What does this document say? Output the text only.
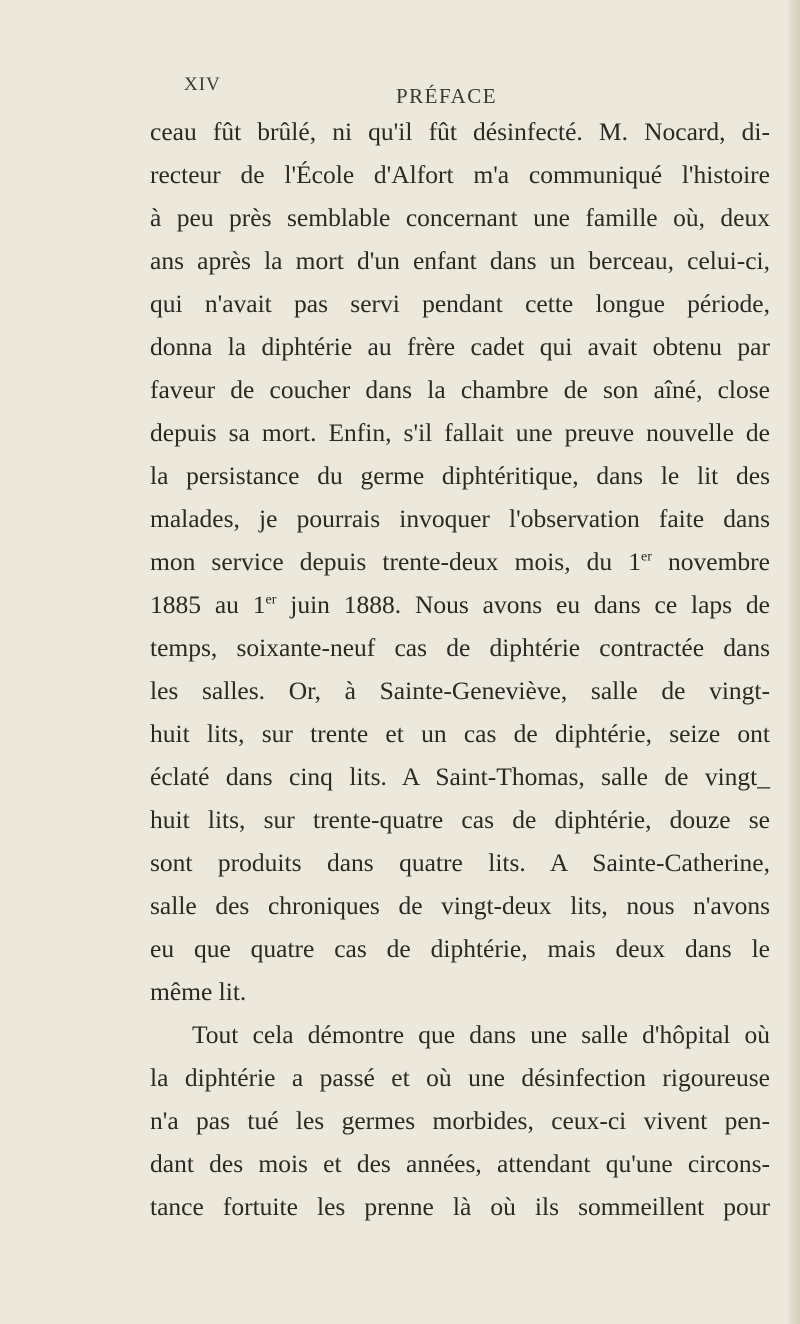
XIV	PRÉFACE
ceau fût brûlé, ni qu'il fût désinfecté. M. Nocard, di-
recteur de l'École d'Alfort m'a communiqué l'histoire
à peu près semblable concernant une famille où, deux
ans après la mort d'un enfant dans un berceau, celui-ci,
qui n'avait pas servi pendant cette longue période,
donna la diphtérie au frère cadet qui avait obtenu par
faveur de coucher dans la chambre de son aîné, close
depuis sa mort. Enfin, s'il fallait une preuve nouvelle de
la persistance du germe diphtéritique, dans le lit des
malades, je pourrais invoquer l'observation faite dans
mon service depuis trente-deux mois, du 1er novembre
1885 au 1er juin 1888. Nous avons eu dans ce laps de
temps, soixante-neuf cas de diphtérie contractée dans
les salles. Or, à Sainte-Geneviève, salle de vingt-
huit lits, sur trente et un cas de diphtérie, seize ont
éclaté dans cinq lits. A Saint-Thomas, salle de vingt_
huit lits, sur trente-quatre cas de diphtérie, douze se
sont produits dans quatre lits. A Sainte-Catherine,
salle des chroniques de vingt-deux lits, nous n'avons
eu que quatre cas de diphtérie, mais deux dans le
même lit.
Tout cela démontre que dans une salle d'hôpital où
la diphtérie a passé et où une désinfection rigoureuse
n'a pas tué les germes morbides, ceux-ci vivent pen-
dant des mois et des années, attendant qu'une circons-
tance fortuite les prenne là où ils sommeillent pour
